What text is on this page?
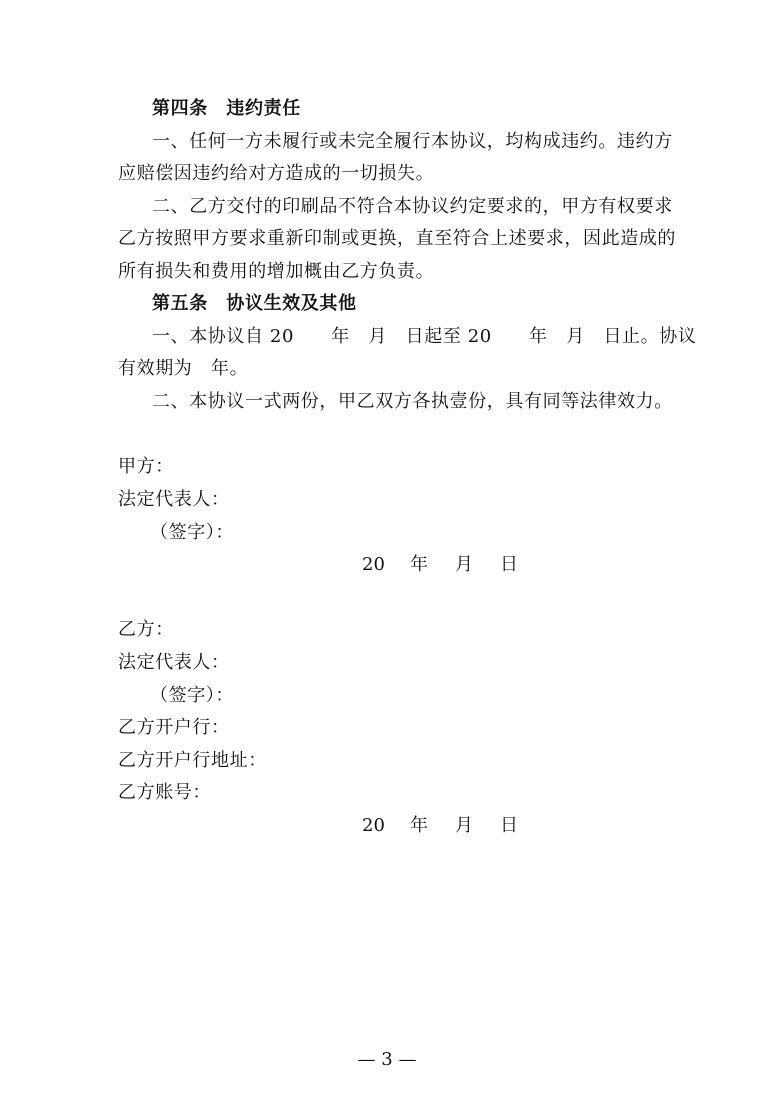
第四条　违约责任
一、任何一方未履行或未完全履行本协议，均构成违约。违约方
应赔偿因违约给对方造成的一切损失。
二、乙方交付的印刷品不符合本协议约定要求的，甲方有权要求
乙方按照甲方要求重新印制或更换，直至符合上述要求，因此造成的
所有损失和费用的增加概由乙方负责。
第五条　协议生效及其他
一、本协议自 20　　年　月　日起至 20　　年　月　日止。协议
有效期为　年。
二、本协议一式两份，甲乙双方各执壹份，具有同等法律效力。
甲方：
法定代表人：
（签字）：
20 年 月 日
乙方：
法定代表人：
（签字）：
乙方开户行：
乙方开户行地址：
乙方账号：
20 年 月 日
— 3 —
